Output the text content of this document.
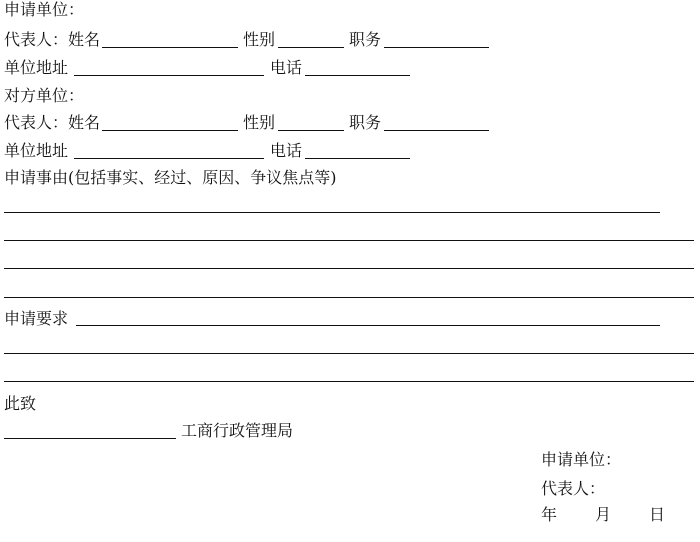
申请单位：
代表人： 姓名	性别	职务
单位地址	电话
对方单位：
代表人： 姓名	性别	职务
单位地址	电话
申请事由(包括事实、经过、原因、争议焦点等)
申请要求
此致
工商行政管理局
申请单位：
代表人：
年 月 日
